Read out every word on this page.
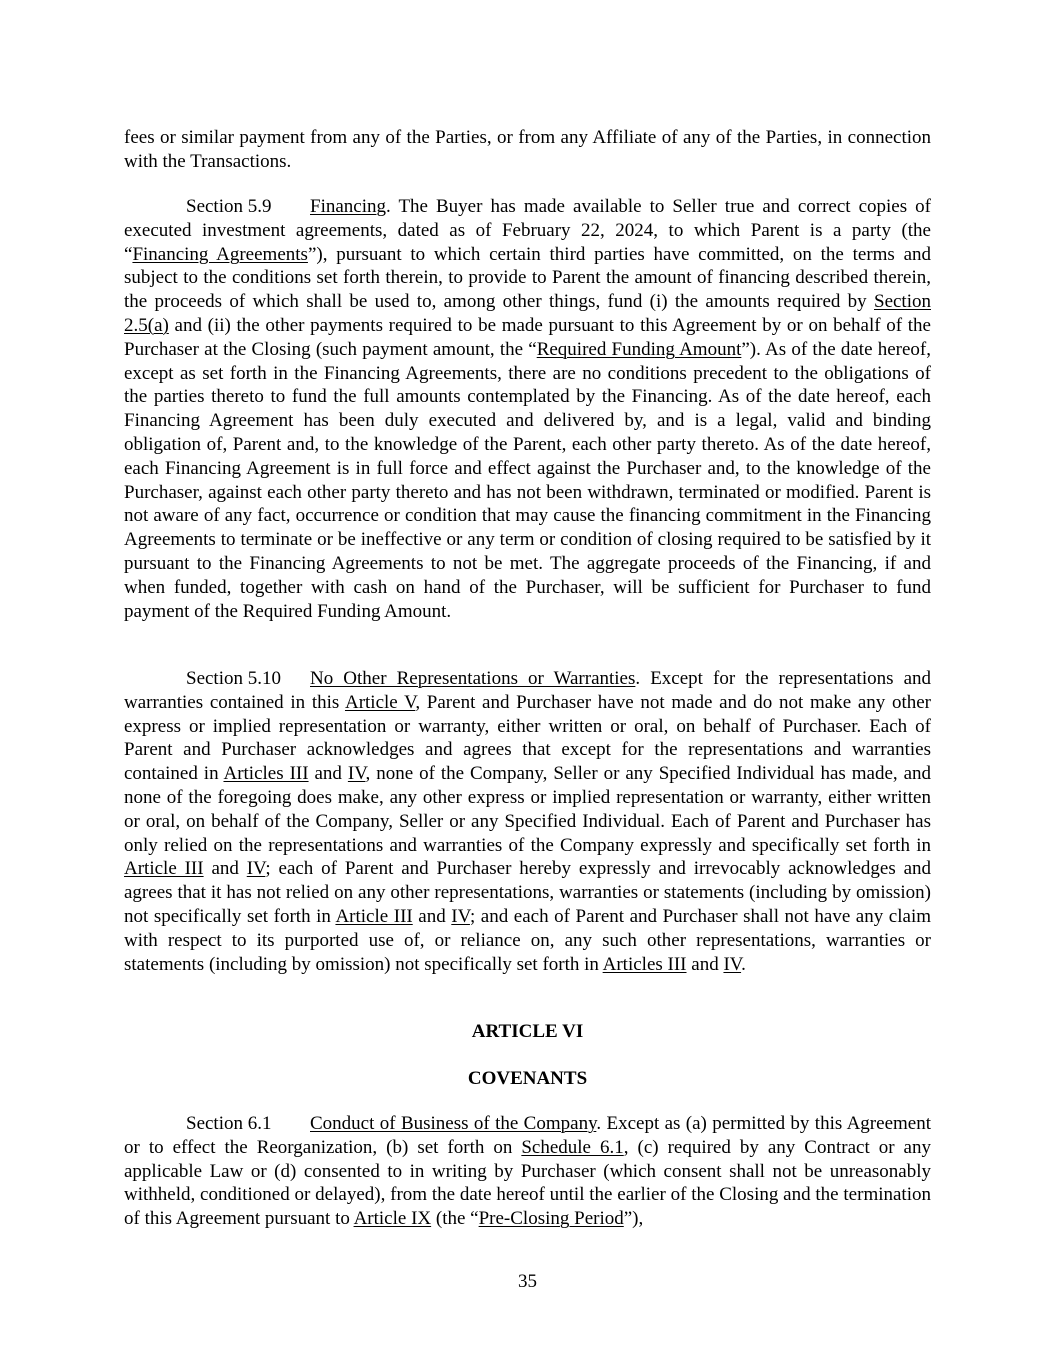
fees or similar payment from any of the Parties, or from any Affiliate of any of the Parties, in connection with the Transactions.

Section 5.9 Financing. The Buyer has made available to Seller true and correct copies of executed investment agreements, dated as of February 22, 2024, to which Parent is a party (the “Financing Agreements”), pursuant to which certain third parties have committed, on the terms and subject to the conditions set forth therein, to provide to Parent the amount of financing described therein, the proceeds of which shall be used to, among other things, fund (i) the amounts required by Section 2.5(a) and (ii) the other payments required to be made pursuant to this Agreement by or on behalf of the Purchaser at the Closing (such payment amount, the “Required Funding Amount”). As of the date hereof, except as set forth in the Financing Agreements, there are no conditions precedent to the obligations of the parties thereto to fund the full amounts contemplated by the Financing. As of the date hereof, each Financing Agreement has been duly executed and delivered by, and is a legal, valid and binding obligation of, Parent and, to the knowledge of the Parent, each other party thereto. As of the date hereof, each Financing Agreement is in full force and effect against the Purchaser and, to the knowledge of the Purchaser, against each other party thereto and has not been withdrawn, terminated or modified. Parent is not aware of any fact, occurrence or condition that may cause the financing commitment in the Financing Agreements to terminate or be ineffective or any term or condition of closing required to be satisfied by it pursuant to the Financing Agreements to not be met. The aggregate proceeds of the Financing, if and when funded, together with cash on hand of the Purchaser, will be sufficient for Purchaser to fund payment of the Required Funding Amount.

Section 5.10 No Other Representations or Warranties. Except for the representations and warranties contained in this Article V, Parent and Purchaser have not made and do not make any other express or implied representation or warranty, either written or oral, on behalf of Purchaser. Each of Parent and Purchaser acknowledges and agrees that except for the representations and warranties contained in Articles III and IV, none of the Company, Seller or any Specified Individual has made, and none of the foregoing does make, any other express or implied representation or warranty, either written or oral, on behalf of the Company, Seller or any Specified Individual. Each of Parent and Purchaser has only relied on the representations and warranties of the Company expressly and specifically set forth in Article III and IV; each of Parent and Purchaser hereby expressly and irrevocably acknowledges and agrees that it has not relied on any other representations, warranties or statements (including by omission) not specifically set forth in Article III and IV; and each of Parent and Purchaser shall not have any claim with respect to its purported use of, or reliance on, any such other representations, warranties or statements (including by omission) not specifically set forth in Articles III and IV.

ARTICLE VI
COVENANTS

Section 6.1 Conduct of Business of the Company. Except as (a) permitted by this Agreement or to effect the Reorganization, (b) set forth on Schedule 6.1, (c) required by any Contract or any applicable Law or (d) consented to in writing by Purchaser (which consent shall not be unreasonably withheld, conditioned or delayed), from the date hereof until the earlier of the Closing and the termination of this Agreement pursuant to Article IX (the “Pre-Closing Period”),

35
